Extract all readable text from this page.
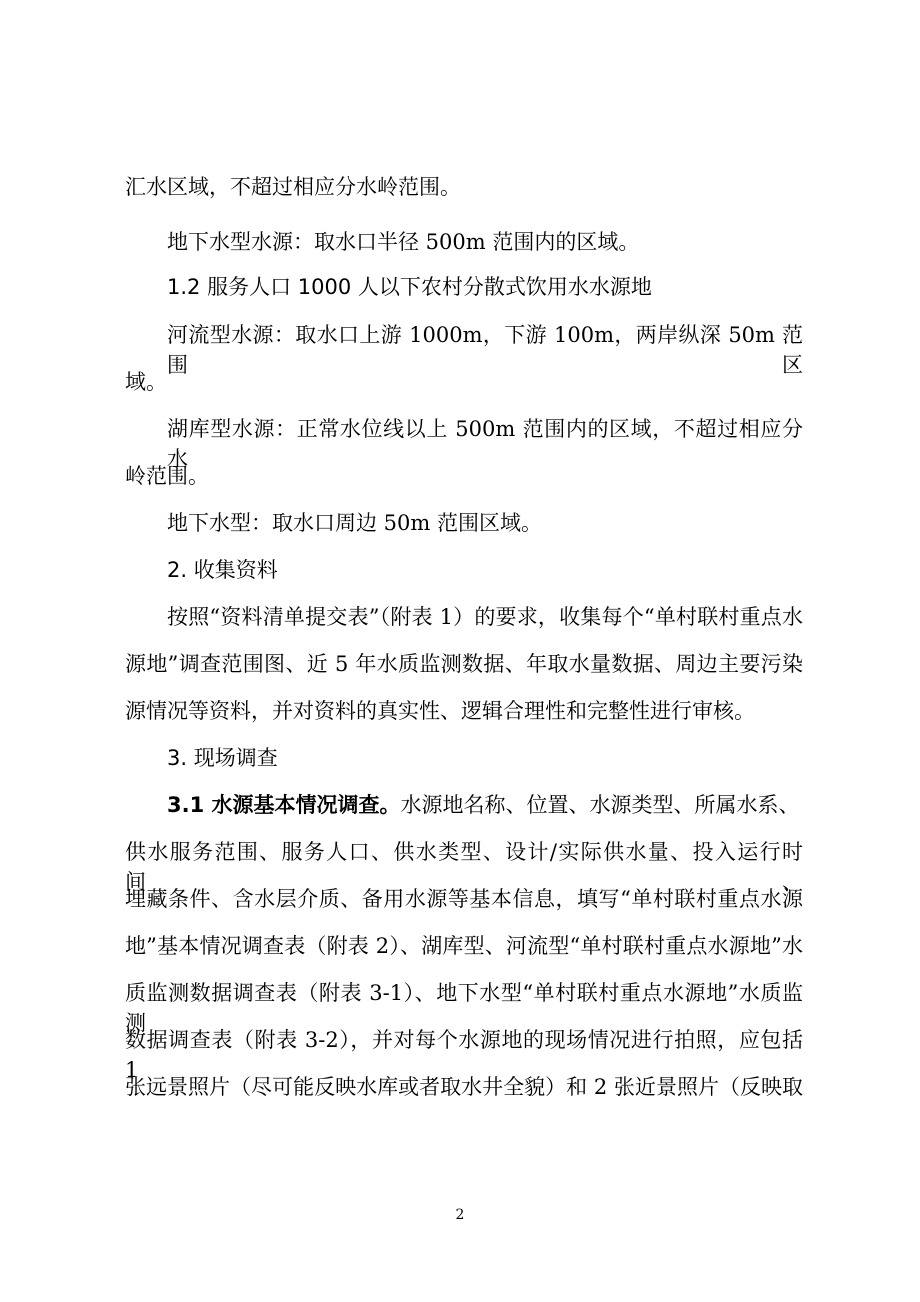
汇水区域，不超过相应分水岭范围。
地下水型水源：取水口半径 500m 范围内的区域。
1.2 服务人口 1000 人以下农村分散式饮用水水源地
河流型水源：取水口上游 1000m，下游 100m，两岸纵深 50m 范围区
域。
湖库型水源：正常水位线以上 500m 范围内的区域，不超过相应分水
岭范围。
地下水型：取水口周边 50m 范围区域。
2. 收集资料
按照“资料清单提交表”（附表 1）的要求，收集每个“单村联村重点水
源地”调查范围图、近 5 年水质监测数据、年取水量数据、周边主要污染
源情况等资料，并对资料的真实性、逻辑合理性和完整性进行审核。
3. 现场调查
3.1 水源基本情况调查。水源地名称、位置、水源类型、所属水系、
供水服务范围、服务人口、供水类型、设计/实际供水量、投入运行时间、
埋藏条件、含水层介质、备用水源等基本信息，填写“单村联村重点水源
地”基本情况调查表（附表 2）、湖库型、河流型“单村联村重点水源地”水
质监测数据调查表（附表 3-1）、地下水型“单村联村重点水源地”水质监测
数据调查表（附表 3-2），并对每个水源地的现场情况进行拍照，应包括 1
张远景照片（尽可能反映水库或者取水井全貌）和 2 张近景照片（反映取
2
